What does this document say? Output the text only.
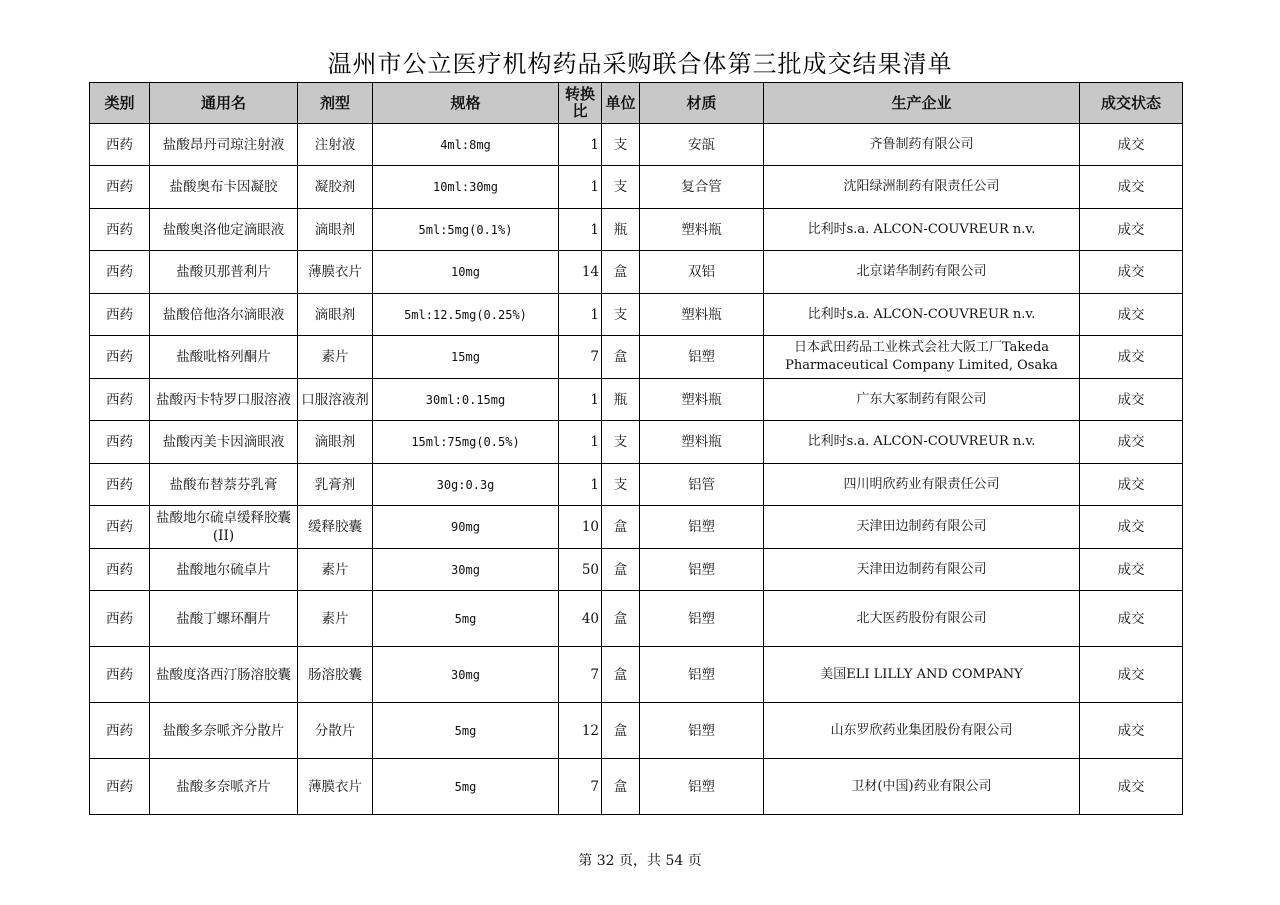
温州市公立医疗机构药品采购联合体第三批成交结果清单
类别	通用名	剂型	规格	转换比	单位	材质	生产企业	成交状态
西药	盐酸昂丹司琼注射液	注射液	4ml:8mg	1	支	安瓿	齐鲁制药有限公司	成交
西药	盐酸奥布卡因凝胶	凝胶剂	10ml:30mg	1	支	复合管	沈阳绿洲制药有限责任公司	成交
西药	盐酸奥洛他定滴眼液	滴眼剂	5ml:5mg(0.1%)	1	瓶	塑料瓶	比利时s.a. ALCON-COUVREUR n.v.	成交
西药	盐酸贝那普利片	薄膜衣片	10mg	14	盒	双铝	北京诺华制药有限公司	成交
西药	盐酸倍他洛尔滴眼液	滴眼剂	5ml:12.5mg(0.25%)	1	支	塑料瓶	比利时s.a. ALCON-COUVREUR n.v.	成交
西药	盐酸吡格列酮片	素片	15mg	7	盒	铝塑	日本武田药品工业株式会社大阪工厂Takeda Pharmaceutical Company Limited, Osaka	成交
西药	盐酸丙卡特罗口服溶液	口服溶液剂	30ml:0.15mg	1	瓶	塑料瓶	广东大冢制药有限公司	成交
西药	盐酸丙美卡因滴眼液	滴眼剂	15ml:75mg(0.5%)	1	支	塑料瓶	比利时s.a. ALCON-COUVREUR n.v.	成交
西药	盐酸布替萘芬乳膏	乳膏剂	30g:0.3g	1	支	铝管	四川明欣药业有限责任公司	成交
西药	盐酸地尔硫卓缓释胶囊(II)	缓释胶囊	90mg	10	盒	铝塑	天津田边制药有限公司	成交
西药	盐酸地尔硫卓片	素片	30mg	50	盒	铝塑	天津田边制药有限公司	成交
西药	盐酸丁螺环酮片	素片	5mg	40	盒	铝塑	北大医药股份有限公司	成交
西药	盐酸度洛西汀肠溶胶囊	肠溶胶囊	30mg	7	盒	铝塑	美国ELI LILLY AND COMPANY	成交
西药	盐酸多奈哌齐分散片	分散片	5mg	12	盒	铝塑	山东罗欣药业集团股份有限公司	成交
西药	盐酸多奈哌齐片	薄膜衣片	5mg	7	盒	铝塑	卫材(中国)药业有限公司	成交
第 32 页，共 54 页
